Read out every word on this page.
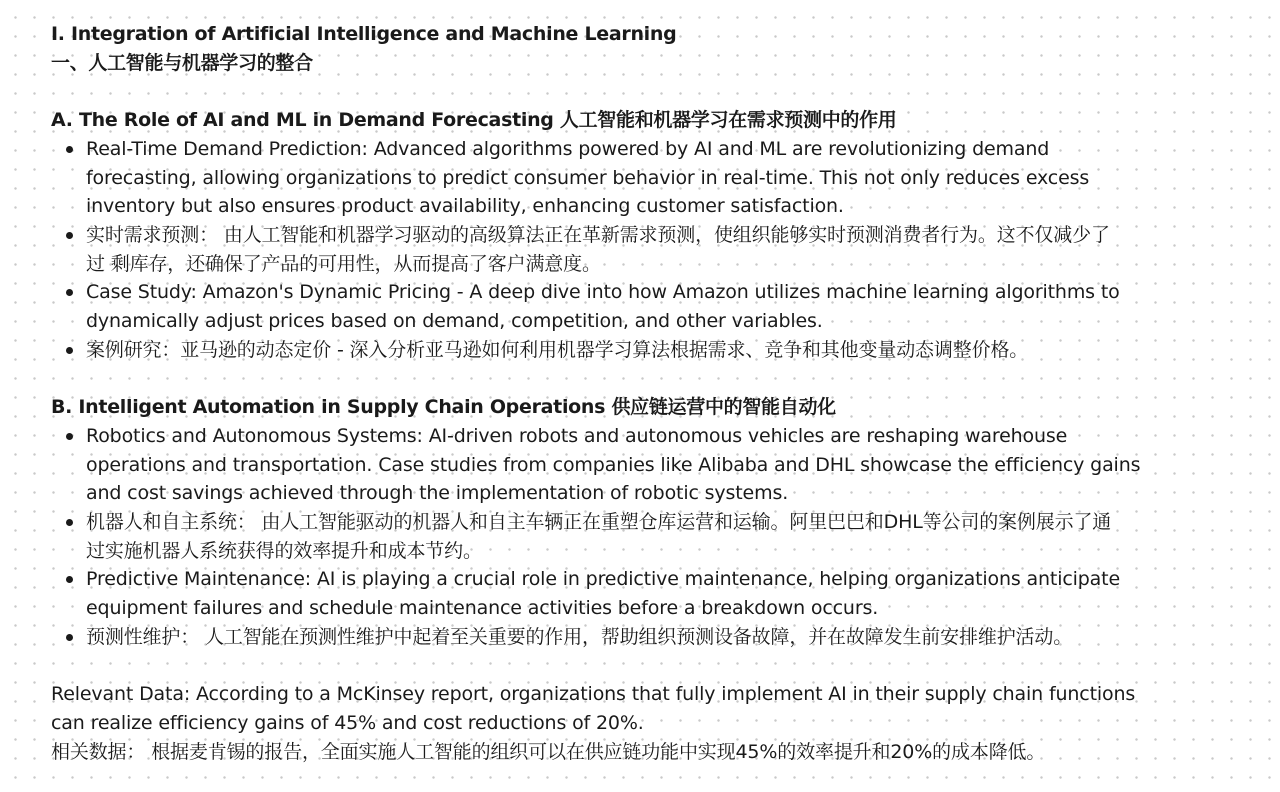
I. Integration of Artificial Intelligence and Machine Learning
一、人工智能与机器学习的整合
A. The Role of AI and ML in Demand Forecasting 人工智能和机器学习在需求预测中的作用
Real-Time Demand Prediction: Advanced algorithms powered by AI and ML are revolutionizing demand
forecasting, allowing organizations to predict consumer behavior in real-time. This not only reduces excess
inventory but also ensures product availability, enhancing customer satisfaction.
实时需求预测： 由人工智能和机器学习驱动的高级算法正在革新需求预测，使组织能够实时预测消费者行为。这不仅减少了
过 剩库存，还确保了产品的可用性，从而提高了客户满意度。
Case Study: Amazon's Dynamic Pricing - A deep dive into how Amazon utilizes machine learning algorithms to
dynamically adjust prices based on demand, competition, and other variables.
案例研究：亚马逊的动态定价 - 深入分析亚马逊如何利用机器学习算法根据需求、竞争和其他变量动态调整价格。
B. Intelligent Automation in Supply Chain Operations 供应链运营中的智能自动化
Robotics and Autonomous Systems: AI-driven robots and autonomous vehicles are reshaping warehouse
operations and transportation. Case studies from companies like Alibaba and DHL showcase the efficiency gains
and cost savings achieved through the implementation of robotic systems.
机器人和自主系统： 由人工智能驱动的机器人和自主车辆正在重塑仓库运营和运输。阿里巴巴和DHL等公司的案例展示了通
过实施机器人系统获得的效率提升和成本节约。
Predictive Maintenance: AI is playing a crucial role in predictive maintenance, helping organizations anticipate
equipment failures and schedule maintenance activities before a breakdown occurs.
预测性维护： 人工智能在预测性维护中起着至关重要的作用，帮助组织预测设备故障，并在故障发生前安排维护活动。
Relevant Data: According to a McKinsey report, organizations that fully implement AI in their supply chain functions
can realize efficiency gains of 45% and cost reductions of 20%.
相关数据： 根据麦肯锡的报告，全面实施人工智能的组织可以在供应链功能中实现45%的效率提升和20%的成本降低。
